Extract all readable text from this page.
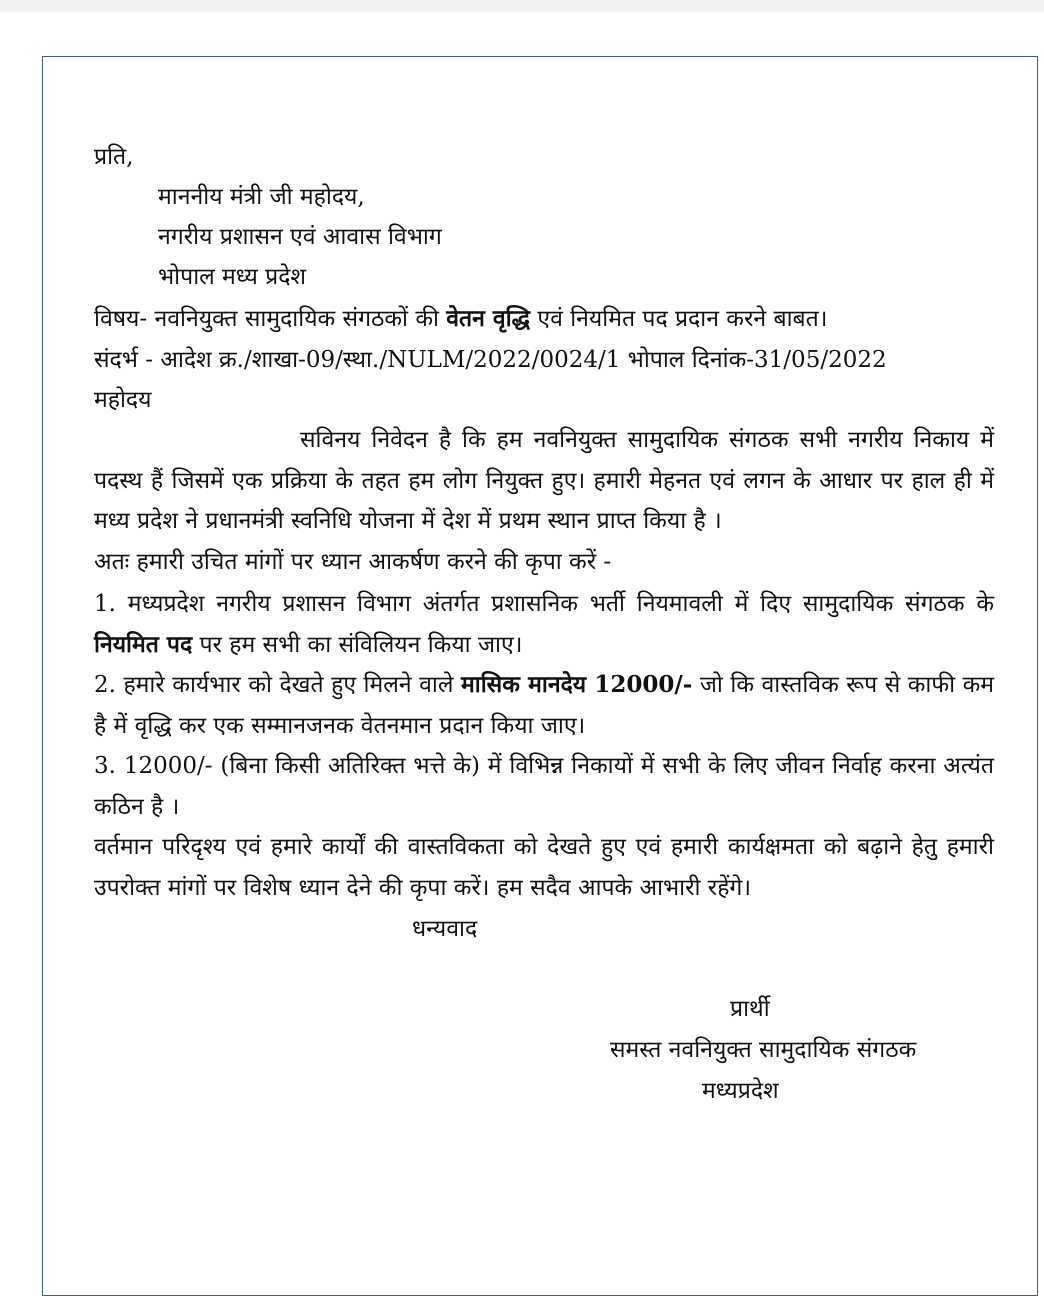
प्रति,
माननीय मंत्री जी महोदय,
नगरीय प्रशासन एवं आवास विभाग
भोपाल मध्य प्रदेश
विषय- नवनियुक्त सामुदायिक संगठकों की वेतन वृद्धि एवं नियमित पद प्रदान करने बाबत।
संदर्भ - आदेश क्र./शाखा-09/स्था./NULM/2022/0024/1 भोपाल दिनांक-31/05/2022
महोदय
सविनय निवेदन है कि हम नवनियुक्त सामुदायिक संगठक सभी नगरीय निकाय में पदस्थ हैं जिसमें एक प्रक्रिया के तहत हम लोग नियुक्त हुए। हमारी मेहनत एवं लगन के आधार पर हाल ही में मध्य प्रदेश ने प्रधानमंत्री स्वनिधि योजना में देश में प्रथम स्थान प्राप्त किया है ।
अतः हमारी उचित मांगों पर ध्यान आकर्षण करने की कृपा करें -
1. मध्यप्रदेश नगरीय प्रशासन विभाग अंतर्गत प्रशासनिक भर्ती नियमावली में दिए सामुदायिक संगठक के नियमित पद पर हम सभी का संविलियन किया जाए।
2. हमारे कार्यभार को देखते हुए मिलने वाले मासिक मानदेय 12000/- जो कि वास्तविक रूप से काफी कम है में वृद्धि कर एक सम्मानजनक वेतनमान प्रदान किया जाए।
3. 12000/- (बिना किसी अतिरिक्त भत्ते के) में विभिन्न निकायों में सभी के लिए जीवन निर्वाह करना अत्यंत कठिन है ।
वर्तमान परिदृश्य एवं हमारे कार्यों की वास्तविकता को देखते हुए एवं हमारी कार्यक्षमता को बढ़ाने हेतु हमारी उपरोक्त मांगों पर विशेष ध्यान देने की कृपा करें। हम सदैव आपके आभारी रहेंगे।
धन्यवाद
प्रार्थी
समस्त नवनियुक्त सामुदायिक संगठक
मध्यप्रदेश
